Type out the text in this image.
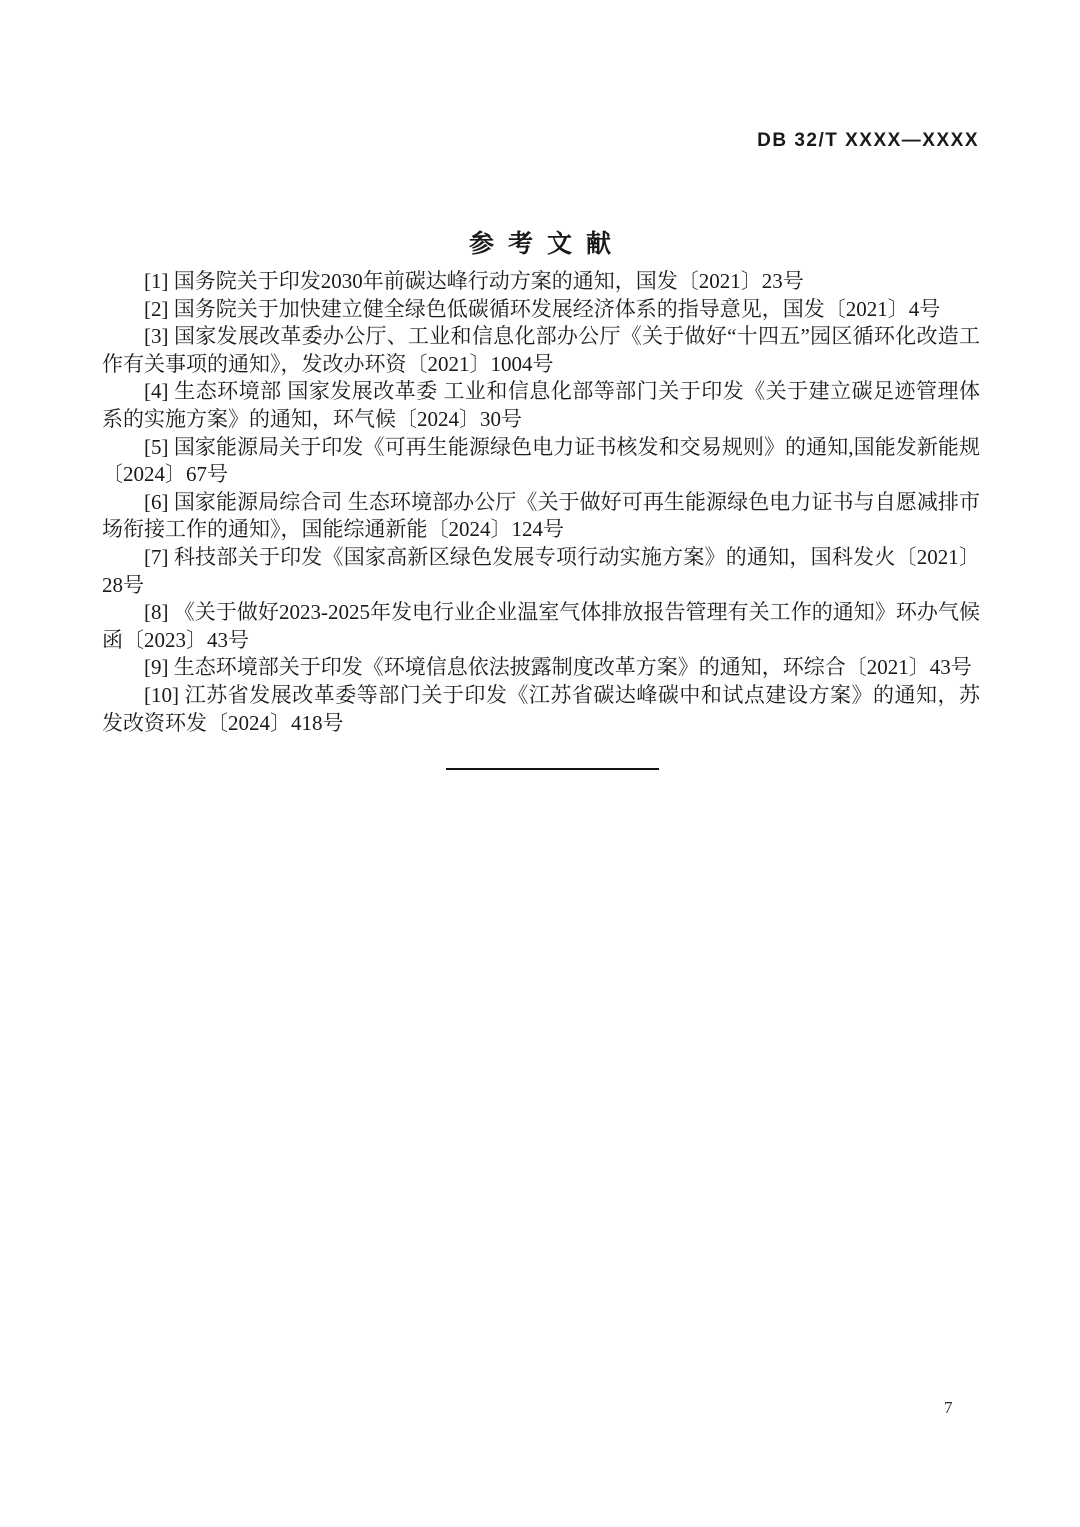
DB 32/T XXXX—XXXX
参考文献

[1] 国务院关于印发2030年前碳达峰行动方案的通知，国发〔2021〕23号

[2] 国务院关于加快建立健全绿色低碳循环发展经济体系的指导意见，国发〔2021〕4号

[3] 国家发展改革委办公厅、工业和信息化部办公厅《关于做好“十四五”园区循环化改造工作有关事项的通知》，发改办环资〔2021〕1004号

[4] 生态环境部 国家发展改革委 工业和信息化部等部门关于印发《关于建立碳足迹管理体系的实施方案》的通知，环气候〔2024〕30号

[5] 国家能源局关于印发《可再生能源绿色电力证书核发和交易规则》的通知,国能发新能规〔2024〕67号

[6] 国家能源局综合司 生态环境部办公厅《关于做好可再生能源绿色电力证书与自愿减排市场衔接工作的通知》，国能综通新能〔2024〕124号

[7] 科技部关于印发《国家高新区绿色发展专项行动实施方案》的通知，国科发火〔2021〕28号

[8] 《关于做好2023-2025年发电行业企业温室气体排放报告管理有关工作的通知》环办气候函〔2023〕43号

[9] 生态环境部关于印发《环境信息依法披露制度改革方案》的通知，环综合〔2021〕43号

[10] 江苏省发展改革委等部门关于印发《江苏省碳达峰碳中和试点建设方案》的通知，苏发改资环发〔2024〕418号

7
